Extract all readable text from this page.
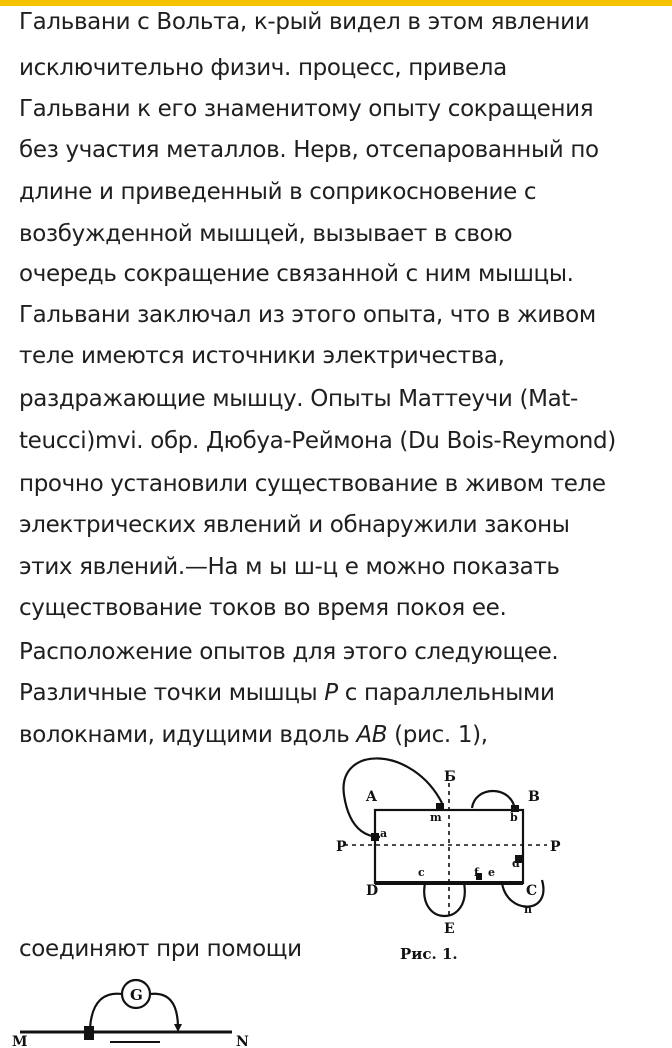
Гальвани с Вольта, к-рый видел в этом явлении

исключительно физич. процесс, привела

Гальвани к его знаменитому опыту сокращения

без участия металлов. Нерв, отсепарованный по

длине и приведенный в соприкосновение с

возбужденной мышцей, вызывает в свою

очередь сокращение связанной с ним мышцы.

Гальвани заключал из этого опыта, что в живом

теле имеются источники электричества,

раздражающие мышцу. Опыты Маттеучи (Mat-

teucci)mvi. обр. Дюбуа-Реймона (Du Bois-Reymond)

прочно установили существование в живом теле

электрических явлений и обнаружили законы

этих явлений.—На м ы ш-ц е можно показать

существование токов во время покоя ее.

Расположение опытов для этого следующее.

Различные точки мышцы P с параллельными

волокнами, идущими вдоль AB (рис. 1),

соединяют при помощи
A	B
Б
P	P
D	C
Е
m	b
a
d
c	f e
n
Рис. 1.
G
M	N
